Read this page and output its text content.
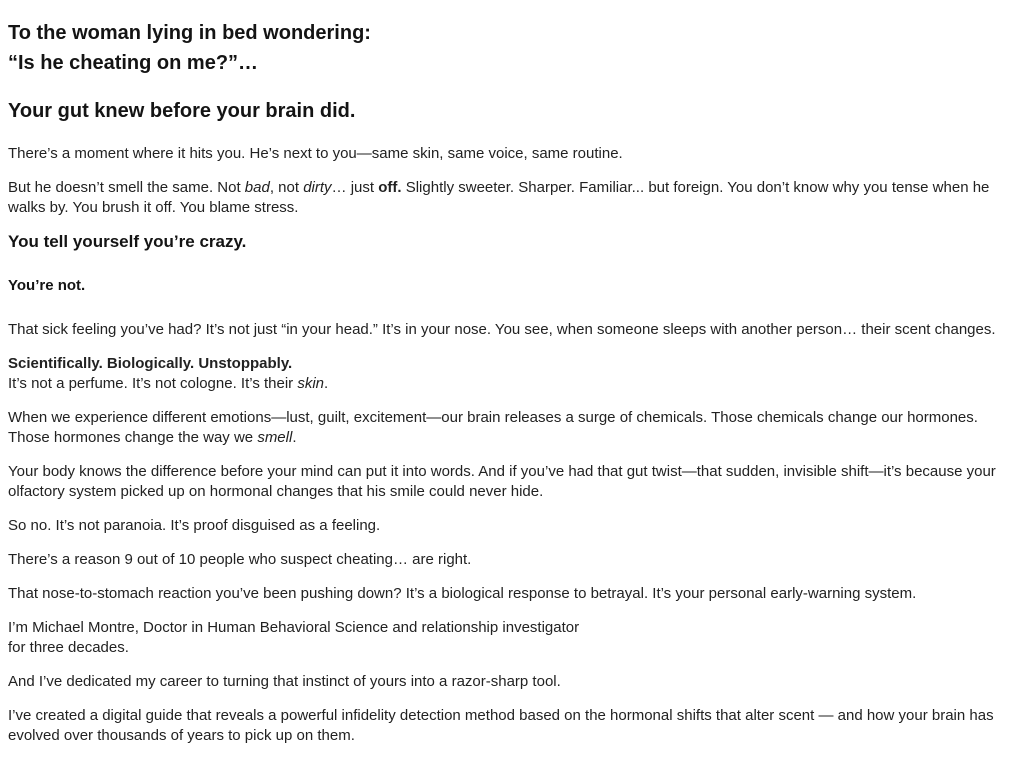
To the woman lying in bed wondering:
“Is he cheating on me?”…
Your gut knew before your brain did.

There’s a moment where it hits you. He’s next to you—same skin, same voice, same routine.

But he doesn’t smell the same. Not bad, not dirty… just off. Slightly sweeter. Sharper. Familiar... but foreign. You don’t know why you tense when he walks by. You brush it off. You blame stress.

You tell yourself you’re crazy.
You’re not.

That sick feeling you’ve had? It’s not just “in your head.” It’s in your nose. You see, when someone sleeps with another person… their scent changes.

Scientifically. Biologically. Unstoppably.
It’s not a perfume. It’s not cologne. It’s their skin.

When we experience different emotions—lust, guilt, excitement—our brain releases a surge of chemicals. Those chemicals change our hormones. Those hormones change the way we smell.

Your body knows the difference before your mind can put it into words. And if you’ve had that gut twist—that sudden, invisible shift—it’s because your olfactory system picked up on hormonal changes that his smile could never hide.

So no. It’s not paranoia. It’s proof disguised as a feeling.

There’s a reason 9 out of 10 people who suspect cheating… are right.

That nose-to-stomach reaction you’ve been pushing down? It’s a biological response to betrayal. It’s your personal early-warning system.

I’m Michael Montre, Doctor in Human Behavioral Science and relationship investigator
for three decades.

And I’ve dedicated my career to turning that instinct of yours into a razor-sharp tool.

I’ve created a digital guide that reveals a powerful infidelity detection method based on the hormonal shifts that alter scent — and how your brain has evolved over thousands of years to pick up on them.
